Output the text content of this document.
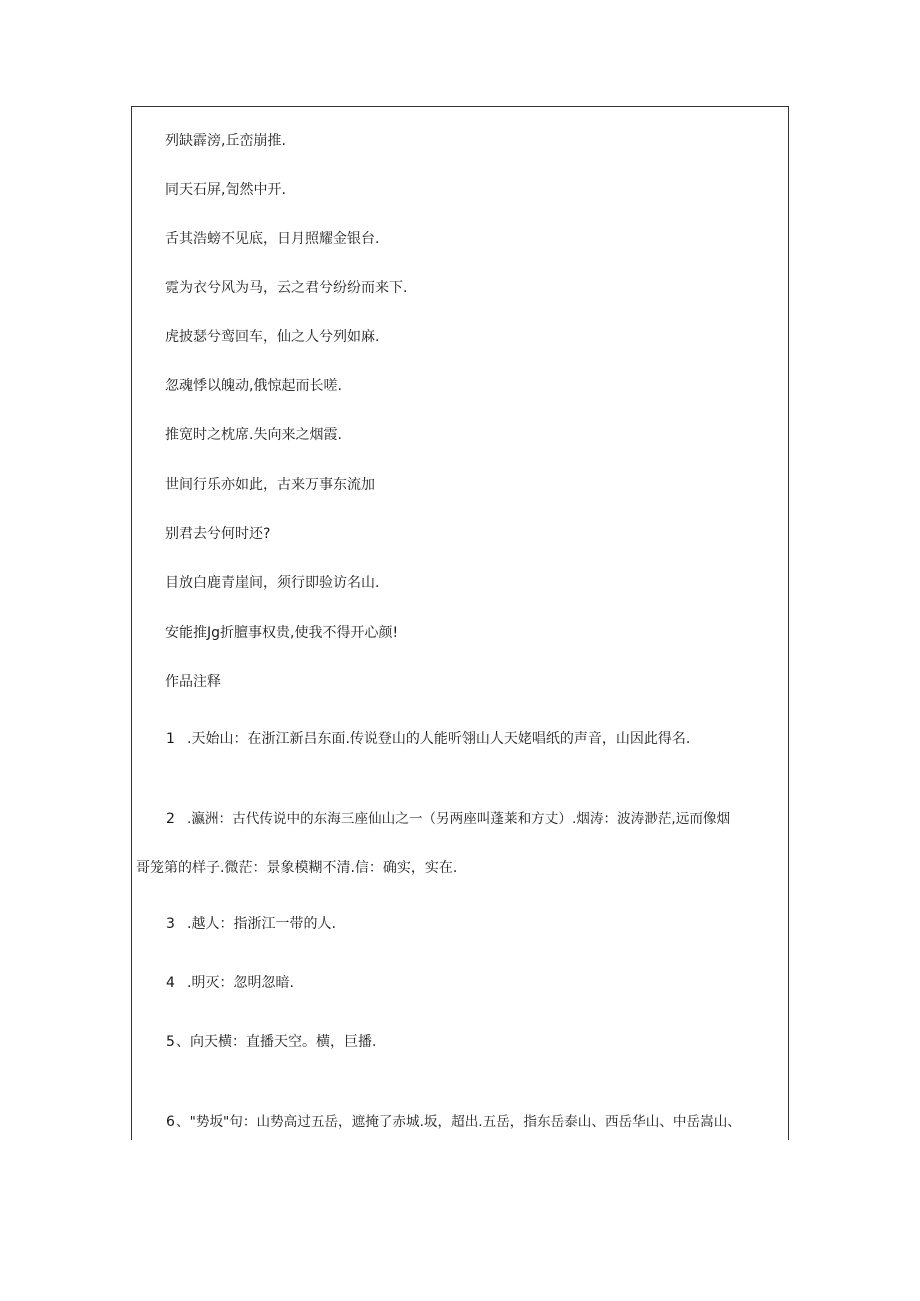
列缺霹滂,丘峦崩推.
同天石屏,訇然中开.
舌其浩螃不见底，日月照耀金银台.
霓为衣兮风为马，云之君兮纷纷而来下.
虎披瑟兮鸾回车，仙之人兮列如麻.
忽魂悸以魄动,俄惊起而长嗟.
推宽时之枕席.失向来之烟霞.
世间行乐亦如此，古来万事东流加
别君去兮何时还?
目放白鹿青崖间，须行即验访名山.
安能推Jg折膻事权贵,使我不得开心颜!
作品注释
1 .天始山：在浙江新吕东面.传说登山的人能听翎山人天姥唱纸的声音，山因此得名.
2 .瀛洲：古代传说中的东海三座仙山之一（另两座叫蓬莱和方丈）.烟涛：波涛渺茫,远而像烟
哥笼第的样子.微茫：景象模糊不清.信：确实，实在.
3 .越人：指浙江一带的人.
4 .明灭：忽明忽暗.
5 、向天横：直播天空。横，巨播.
6 、"势坂"句：山势高过五岳，遮掩了赤城.坂，超出.五岳，指东岳泰山、西岳华山、中岳嵩山、
